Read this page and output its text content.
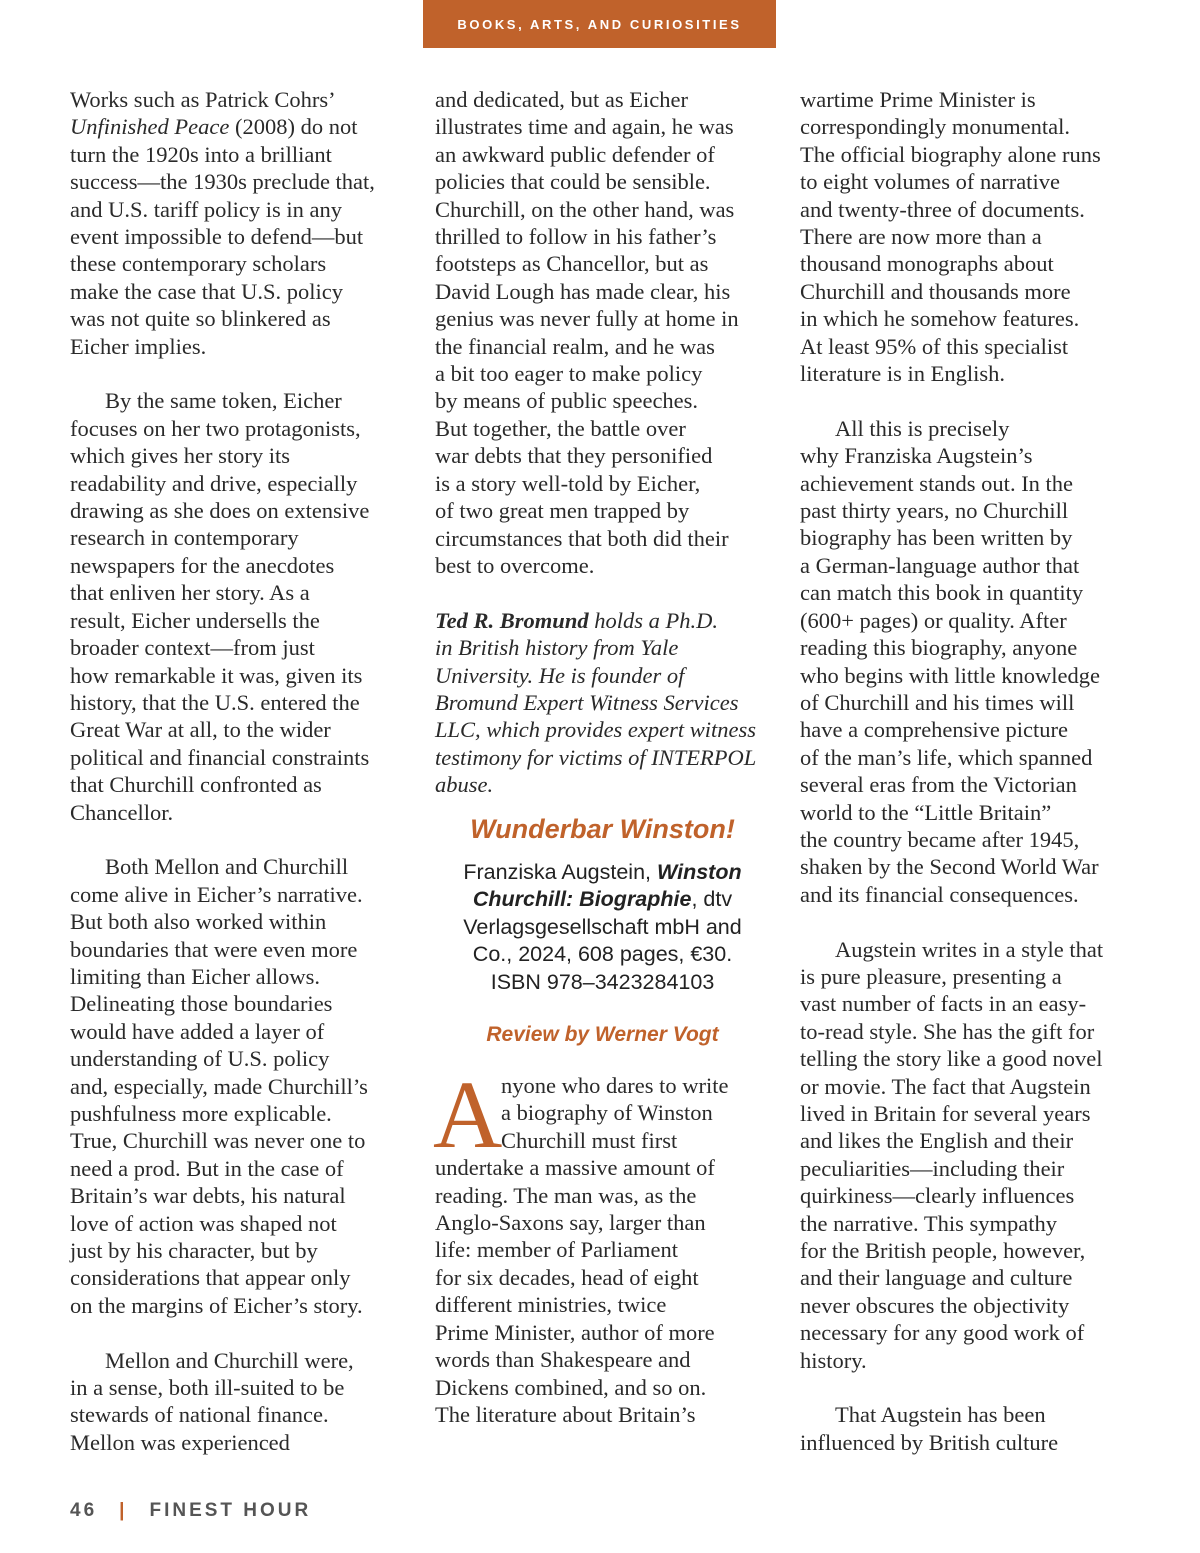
BOOKS, ARTS, AND CURIOSITIES
Works such as Patrick Cohrs’
Unfinished Peace (2008) do not
turn the 1920s into a brilliant
success—the 1930s preclude that,
and U.S. tariff policy is in any
event impossible to defend—but
these contemporary scholars
make the case that U.S. policy
was not quite so blinkered as
Eicher implies.
By the same token, Eicher
focuses on her two protagonists,
which gives her story its
readability and drive, especially
drawing as she does on extensive
research in contemporary
newspapers for the anecdotes
that enliven her story. As a
result, Eicher undersells the
broader context—from just
how remarkable it was, given its
history, that the U.S. entered the
Great War at all, to the wider
political and financial constraints
that Churchill confronted as
Chancellor.
Both Mellon and Churchill
come alive in Eicher’s narrative.
But both also worked within
boundaries that were even more
limiting than Eicher allows.
Delineating those boundaries
would have added a layer of
understanding of U.S. policy
and, especially, made Churchill’s
pushfulness more explicable.
True, Churchill was never one to
need a prod. But in the case of
Britain’s war debts, his natural
love of action was shaped not
just by his character, but by
considerations that appear only
on the margins of Eicher’s story.
Mellon and Churchill were,
in a sense, both ill-suited to be
stewards of national finance.
Mellon was experienced
and dedicated, but as Eicher
illustrates time and again, he was
an awkward public defender of
policies that could be sensible.
Churchill, on the other hand, was
thrilled to follow in his father’s
footsteps as Chancellor, but as
David Lough has made clear, his
genius was never fully at home in
the financial realm, and he was
a bit too eager to make policy
by means of public speeches.
But together, the battle over
war debts that they personified
is a story well-told by Eicher,
of two great men trapped by
circumstances that both did their
best to overcome.
Ted R. Bromund holds a Ph.D.
in British history from Yale
University. He is founder of
Bromund Expert Witness Services
LLC, which provides expert witness
testimony for victims of INTERPOL
abuse.
Wunderbar Winston!
Franziska Augstein, Winston
Churchill: Biographie, dtv
Verlagsgesellschaft mbH and
Co., 2024, 608 pages, €30.
ISBN 978–3423284103
Review by Werner Vogt
A
nyone who dares to write
a biography of Winston
Churchill must first
undertake a massive amount of
reading. The man was, as the
Anglo-Saxons say, larger than
life: member of Parliament
for six decades, head of eight
different ministries, twice
Prime Minister, author of more
words than Shakespeare and
Dickens combined, and so on.
The literature about Britain’s
wartime Prime Minister is
correspondingly monumental.
The official biography alone runs
to eight volumes of narrative
and twenty-three of documents.
There are now more than a
thousand monographs about
Churchill and thousands more
in which he somehow features.
At least 95% of this specialist
literature is in English.
All this is precisely
why Franziska Augstein’s
achievement stands out. In the
past thirty years, no Churchill
biography has been written by
a German-language author that
can match this book in quantity
(600+ pages) or quality. After
reading this biography, anyone
who begins with little knowledge
of Churchill and his times will
have a comprehensive picture
of the man’s life, which spanned
several eras from the Victorian
world to the “Little Britain”
the country became after 1945,
shaken by the Second World War
and its financial consequences.
Augstein writes in a style that
is pure pleasure, presenting a
vast number of facts in an easy-
to-read style. She has the gift for
telling the story like a good novel
or movie. The fact that Augstein
lived in Britain for several years
and likes the English and their
peculiarities—including their
quirkiness—clearly influences
the narrative. This sympathy
for the British people, however,
and their language and culture
never obscures the objectivity
necessary for any good work of
history.
That Augstein has been
influenced by British culture
46 | FINEST HOUR
